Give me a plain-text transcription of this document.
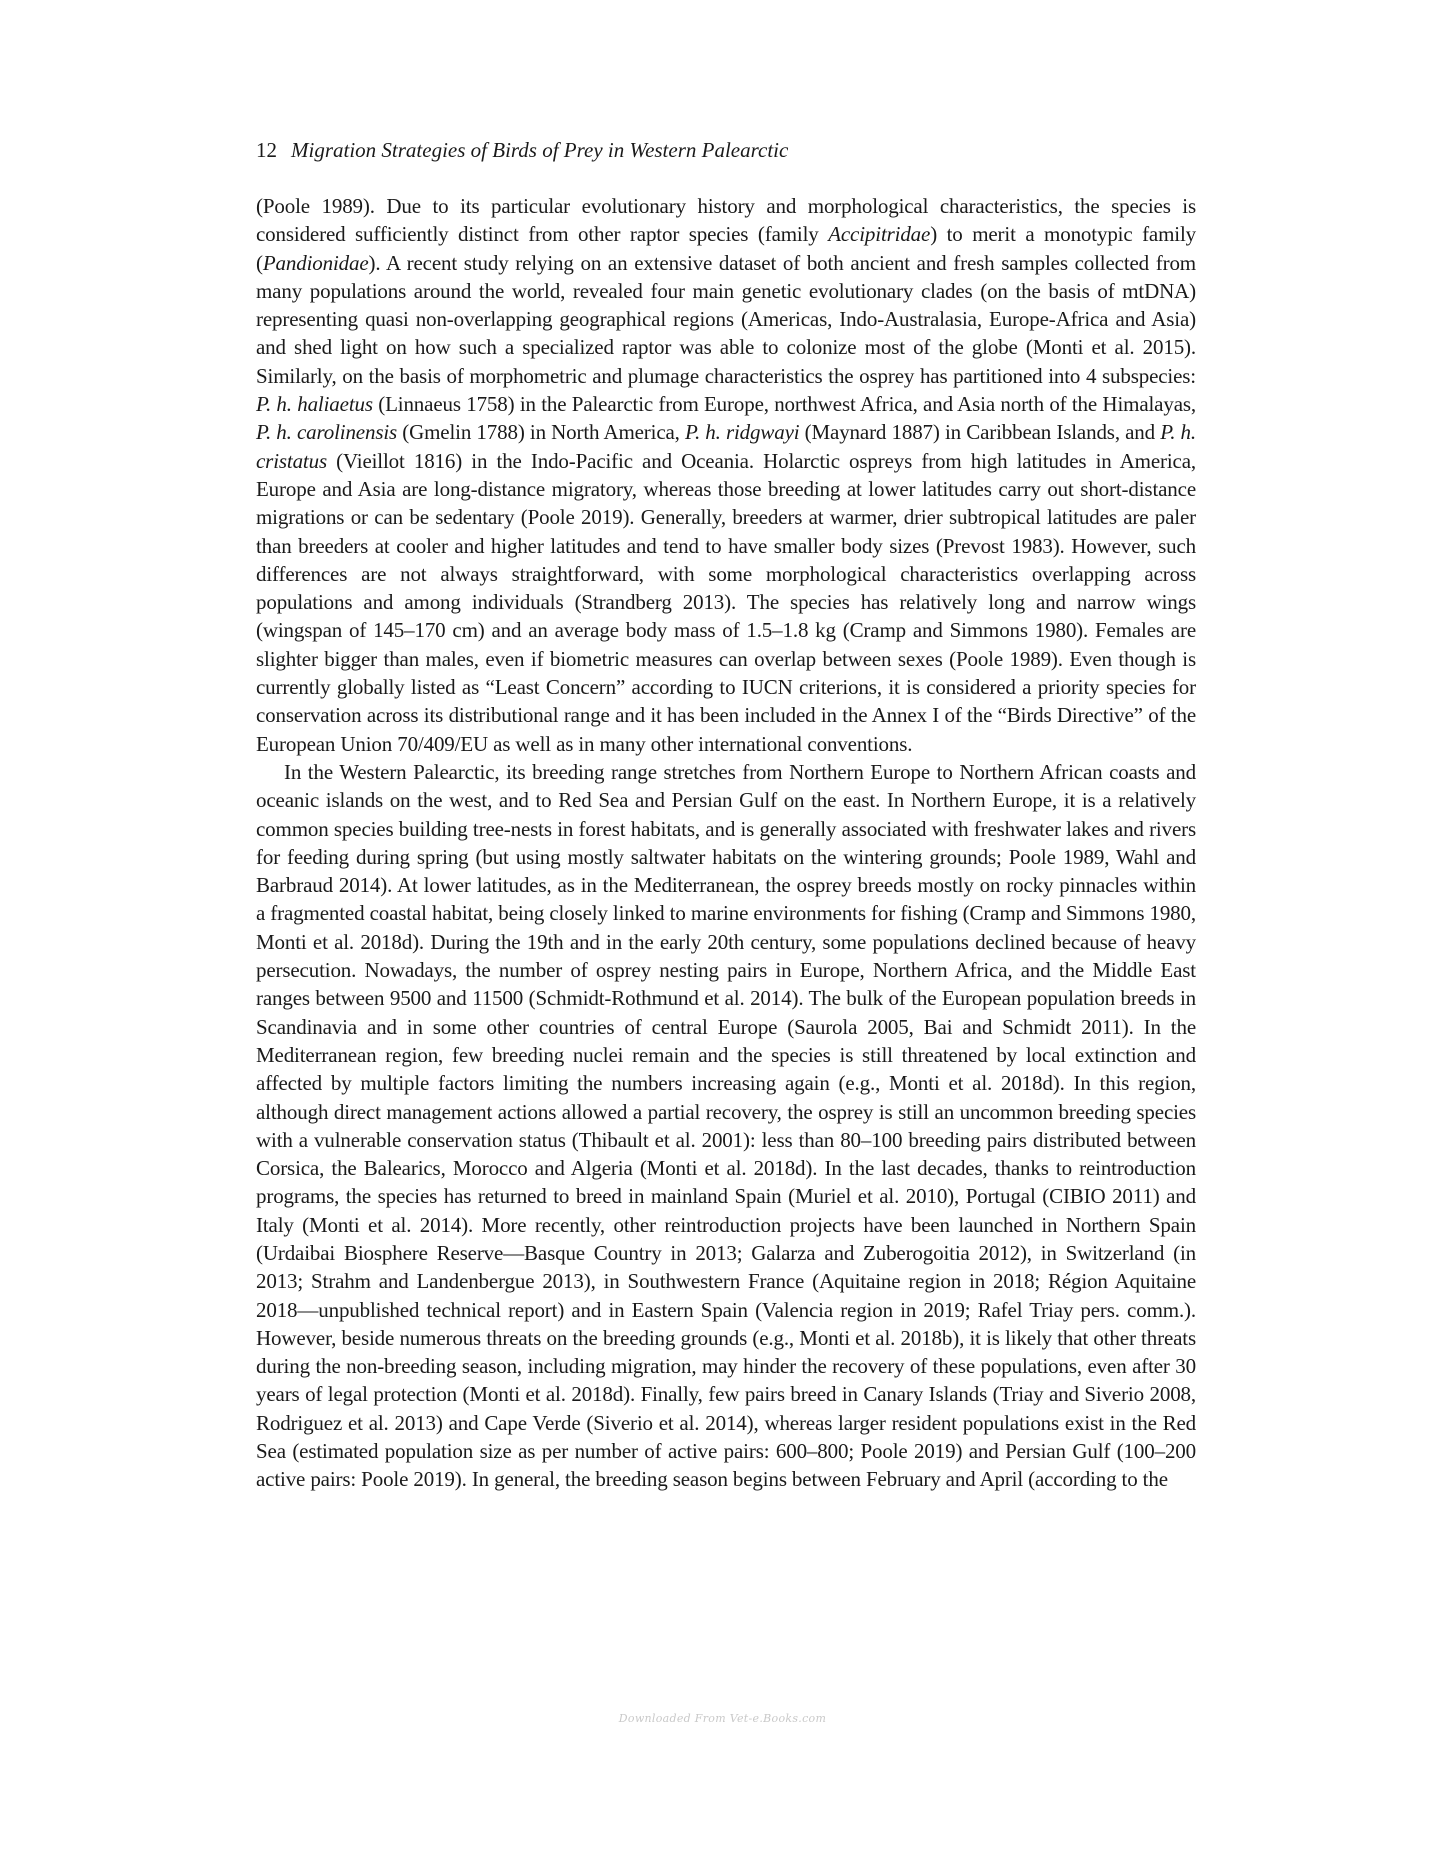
12 Migration Strategies of Birds of Prey in Western Palearctic

(Poole 1989). Due to its particular evolutionary history and morphological characteristics, the species is considered sufficiently distinct from other raptor species (family Accipitridae) to merit a monotypic family (Pandionidae). A recent study relying on an extensive dataset of both ancient and fresh samples collected from many populations around the world, revealed four main genetic evolutionary clades (on the basis of mtDNA) representing quasi non-overlapping geographical regions (Americas, Indo-Australasia, Europe-Africa and Asia) and shed light on how such a specialized raptor was able to colonize most of the globe (Monti et al. 2015). Similarly, on the basis of morphometric and plumage characteristics the osprey has partitioned into 4 subspecies: P. h. haliaetus (Linnaeus 1758) in the Palearctic from Europe, northwest Africa, and Asia north of the Himalayas, P. h. carolinensis (Gmelin 1788) in North America, P. h. ridgwayi (Maynard 1887) in Caribbean Islands, and P. h. cristatus (Vieillot 1816) in the Indo-Pacific and Oceania. Holarctic ospreys from high latitudes in America, Europe and Asia are long-distance migratory, whereas those breeding at lower latitudes carry out short-distance migrations or can be sedentary (Poole 2019). Generally, breeders at warmer, drier subtropical latitudes are paler than breeders at cooler and higher latitudes and tend to have smaller body sizes (Prevost 1983). However, such differences are not always straightforward, with some morphological characteristics overlapping across populations and among individuals (Strandberg 2013). The species has relatively long and narrow wings (wingspan of 145–170 cm) and an average body mass of 1.5–1.8 kg (Cramp and Simmons 1980). Females are slighter bigger than males, even if biometric measures can overlap between sexes (Poole 1989). Even though is currently globally listed as “Least Concern” according to IUCN criterions, it is considered a priority species for conservation across its distributional range and it has been included in the Annex I of the “Birds Directive” of the European Union 70/409/EU as well as in many other international conventions.

In the Western Palearctic, its breeding range stretches from Northern Europe to Northern African coasts and oceanic islands on the west, and to Red Sea and Persian Gulf on the east. In Northern Europe, it is a relatively common species building tree-nests in forest habitats, and is generally associated with freshwater lakes and rivers for feeding during spring (but using mostly saltwater habitats on the wintering grounds; Poole 1989, Wahl and Barbraud 2014). At lower latitudes, as in the Mediterranean, the osprey breeds mostly on rocky pinnacles within a fragmented coastal habitat, being closely linked to marine environments for fishing (Cramp and Simmons 1980, Monti et al. 2018d). During the 19th and in the early 20th century, some populations declined because of heavy persecution. Nowadays, the number of osprey nesting pairs in Europe, Northern Africa, and the Middle East ranges between 9500 and 11500 (Schmidt-Rothmund et al. 2014). The bulk of the European population breeds in Scandinavia and in some other countries of central Europe (Saurola 2005, Bai and Schmidt 2011). In the Mediterranean region, few breeding nuclei remain and the species is still threatened by local extinction and affected by multiple factors limiting the numbers increasing again (e.g., Monti et al. 2018d). In this region, although direct management actions allowed a partial recovery, the osprey is still an uncommon breeding species with a vulnerable conservation status (Thibault et al. 2001): less than 80–100 breeding pairs distributed between Corsica, the Balearics, Morocco and Algeria (Monti et al. 2018d). In the last decades, thanks to reintroduction programs, the species has returned to breed in mainland Spain (Muriel et al. 2010), Portugal (CIBIO 2011) and Italy (Monti et al. 2014). More recently, other reintroduction projects have been launched in Northern Spain (Urdaibai Biosphere Reserve—Basque Country in 2013; Galarza and Zuberogoitia 2012), in Switzerland (in 2013; Strahm and Landenbergue 2013), in Southwestern France (Aquitaine region in 2018; Région Aquitaine 2018—unpublished technical report) and in Eastern Spain (Valencia region in 2019; Rafel Triay pers. comm.). However, beside numerous threats on the breeding grounds (e.g., Monti et al. 2018b), it is likely that other threats during the non-breeding season, including migration, may hinder the recovery of these populations, even after 30 years of legal protection (Monti et al. 2018d). Finally, few pairs breed in Canary Islands (Triay and Siverio 2008, Rodriguez et al. 2013) and Cape Verde (Siverio et al. 2014), whereas larger resident populations exist in the Red Sea (estimated population size as per number of active pairs: 600–800; Poole 2019) and Persian Gulf (100–200 active pairs: Poole 2019). In general, the breeding season begins between February and April (according to the

Downloaded From Vet-e.Books.com
